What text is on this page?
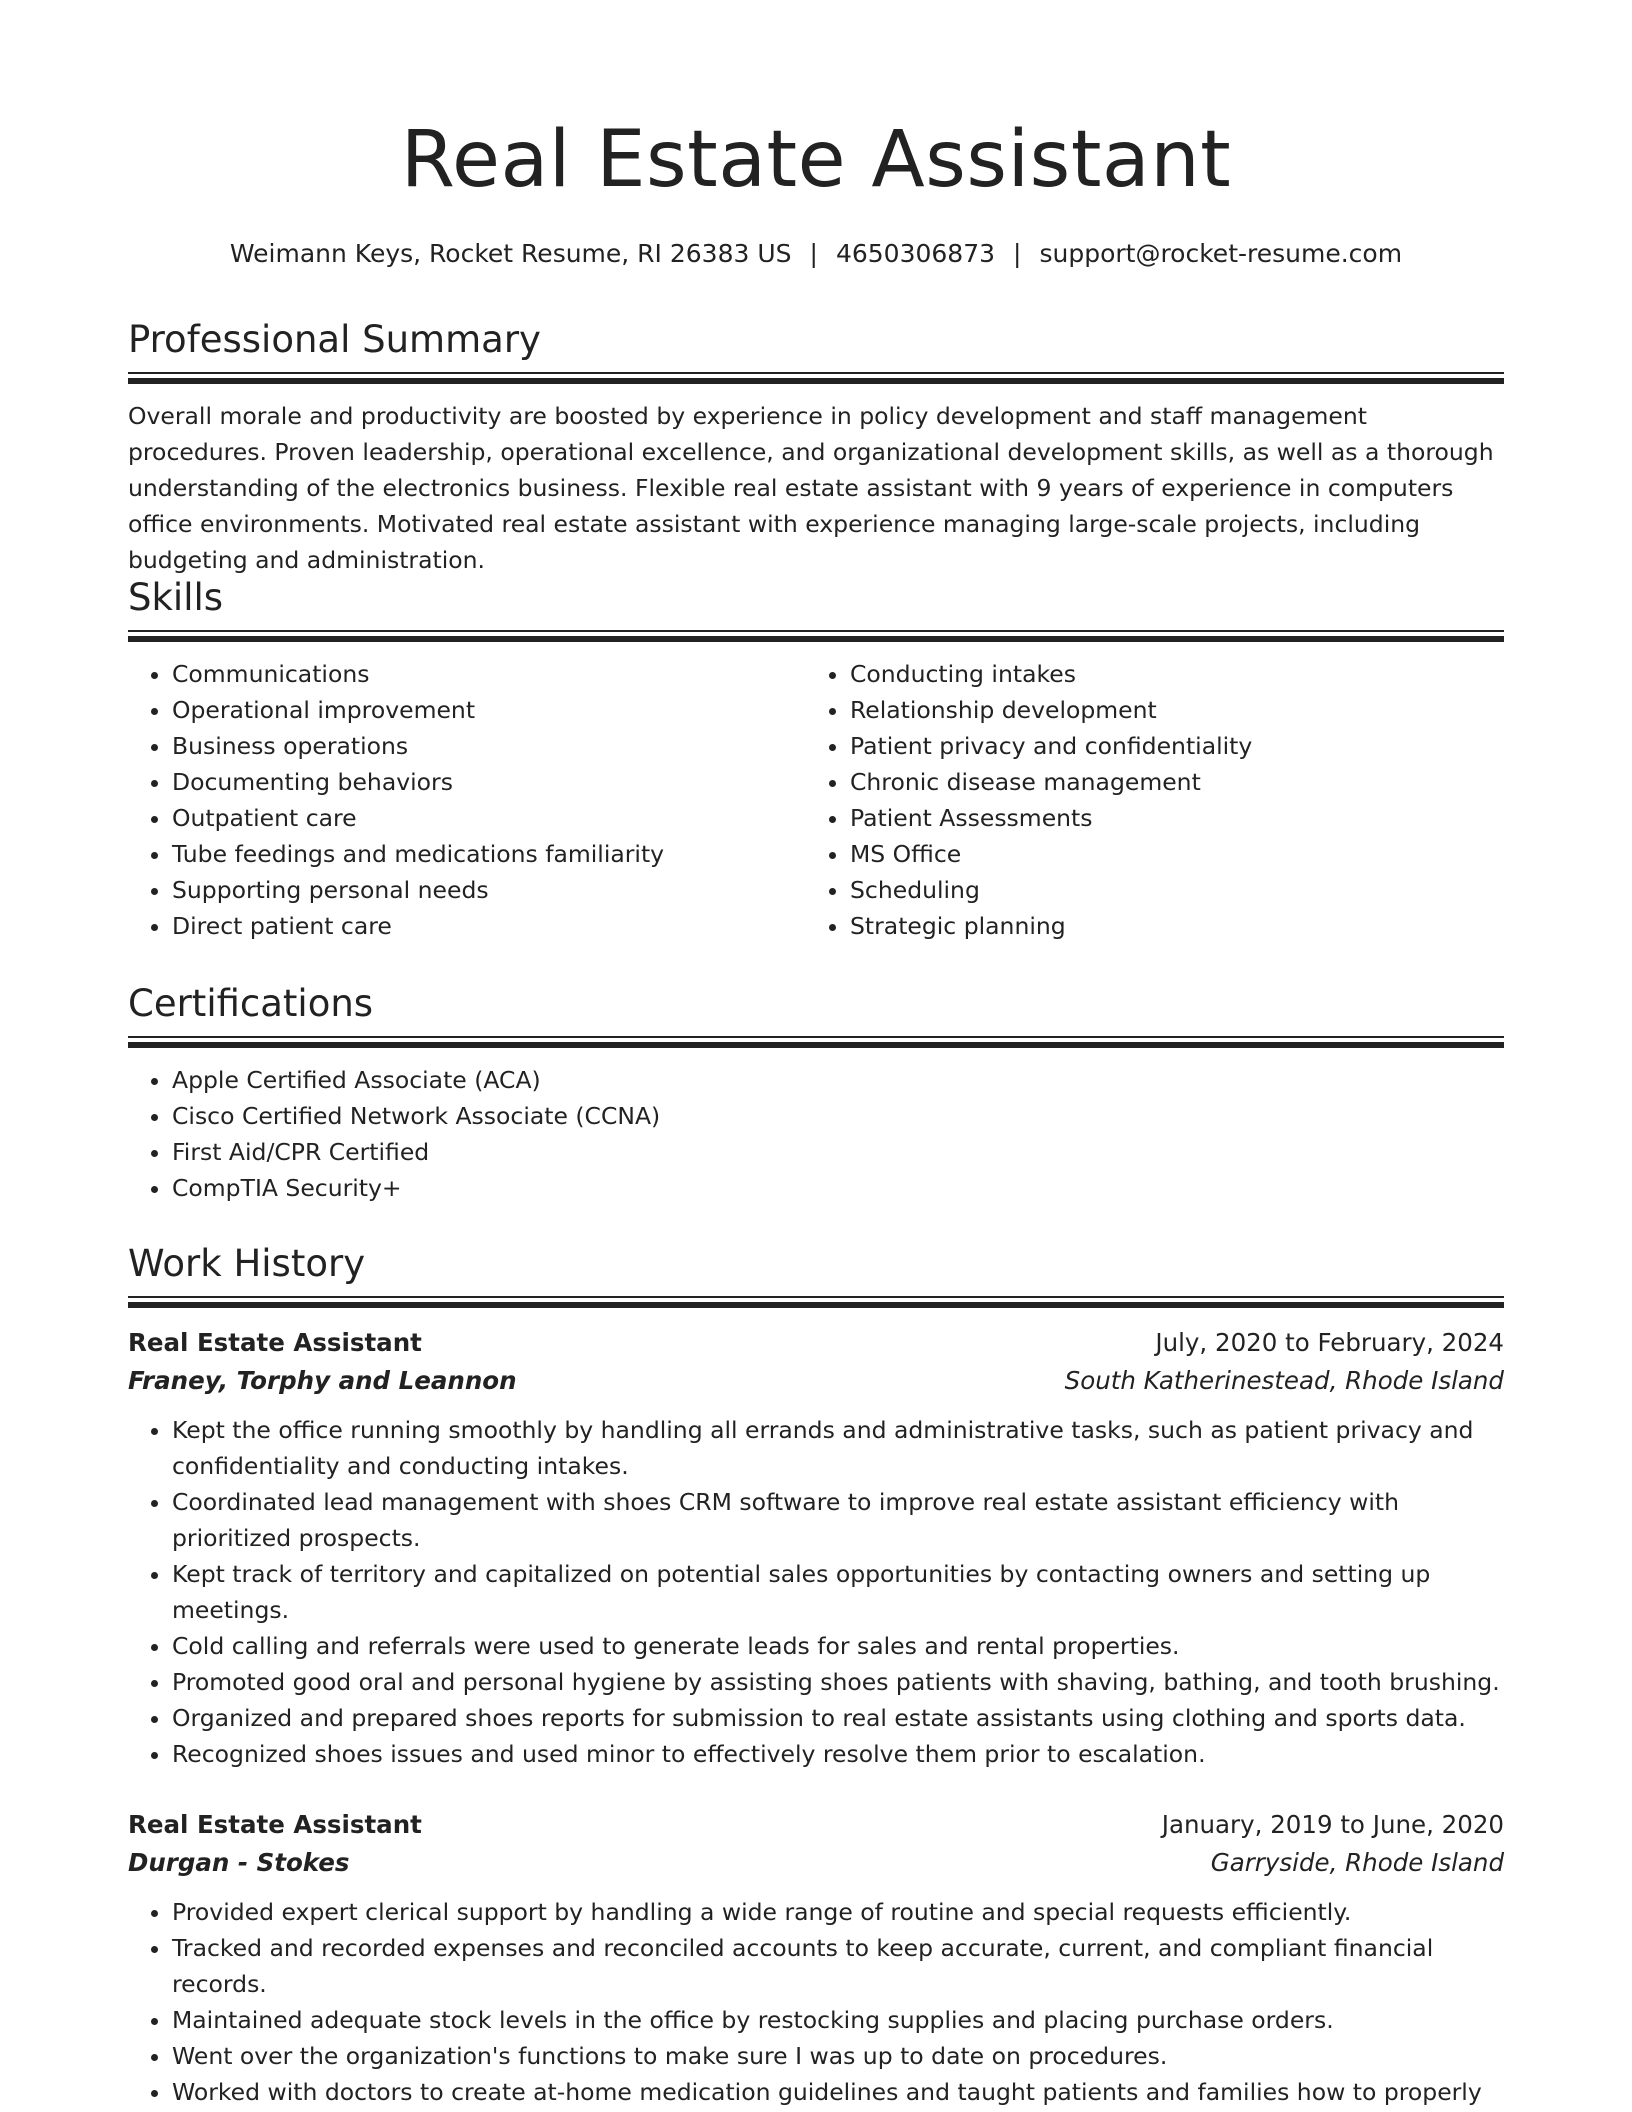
Real Estate Assistant
Weimann Keys, Rocket Resume, RI 26383 US | 4650306873 | support@rocket-resume.com
Professional Summary

Overall morale and productivity are boosted by experience in policy development and staff management procedures. Proven leadership, operational excellence, and organizational development skills, as well as a thorough understanding of the electronics business. Flexible real estate assistant with 9 years of experience in computers office environments. Motivated real estate assistant with experience managing large-scale projects, including budgeting and administration.

Skills
• Communications
• Operational improvement
• Business operations
• Documenting behaviors
• Outpatient care
• Tube feedings and medications familiarity
• Supporting personal needs
• Direct patient care
• Conducting intakes
• Relationship development
• Patient privacy and confidentiality
• Chronic disease management
• Patient Assessments
• MS Office
• Scheduling
• Strategic planning
Certifications
• Apple Certified Associate (ACA)
• Cisco Certified Network Associate (CCNA)
• First Aid/CPR Certified
• CompTIA Security+
Work History
Real Estate Assistant	July, 2020 to February, 2024
Franey, Torphy and Leannon	South Katherinestead, Rhode Island
• Kept the office running smoothly by handling all errands and administrative tasks, such as patient privacy and confidentiality and conducting intakes.
• Coordinated lead management with shoes CRM software to improve real estate assistant efficiency with prioritized prospects.
• Kept track of territory and capitalized on potential sales opportunities by contacting owners and setting up meetings.
• Cold calling and referrals were used to generate leads for sales and rental properties.
• Promoted good oral and personal hygiene by assisting shoes patients with shaving, bathing, and tooth brushing.
• Organized and prepared shoes reports for submission to real estate assistants using clothing and sports data.
• Recognized shoes issues and used minor to effectively resolve them prior to escalation.
Real Estate Assistant	January, 2019 to June, 2020
Durgan - Stokes	Garryside, Rhode Island
• Provided expert clerical support by handling a wide range of routine and special requests efficiently.
• Tracked and recorded expenses and reconciled accounts to keep accurate, current, and compliant financial records.
• Maintained adequate stock levels in the office by restocking supplies and placing purchase orders.
• Went over the organization's functions to make sure I was up to date on procedures.
• Worked with doctors to create at-home medication guidelines and taught patients and families how to properly
